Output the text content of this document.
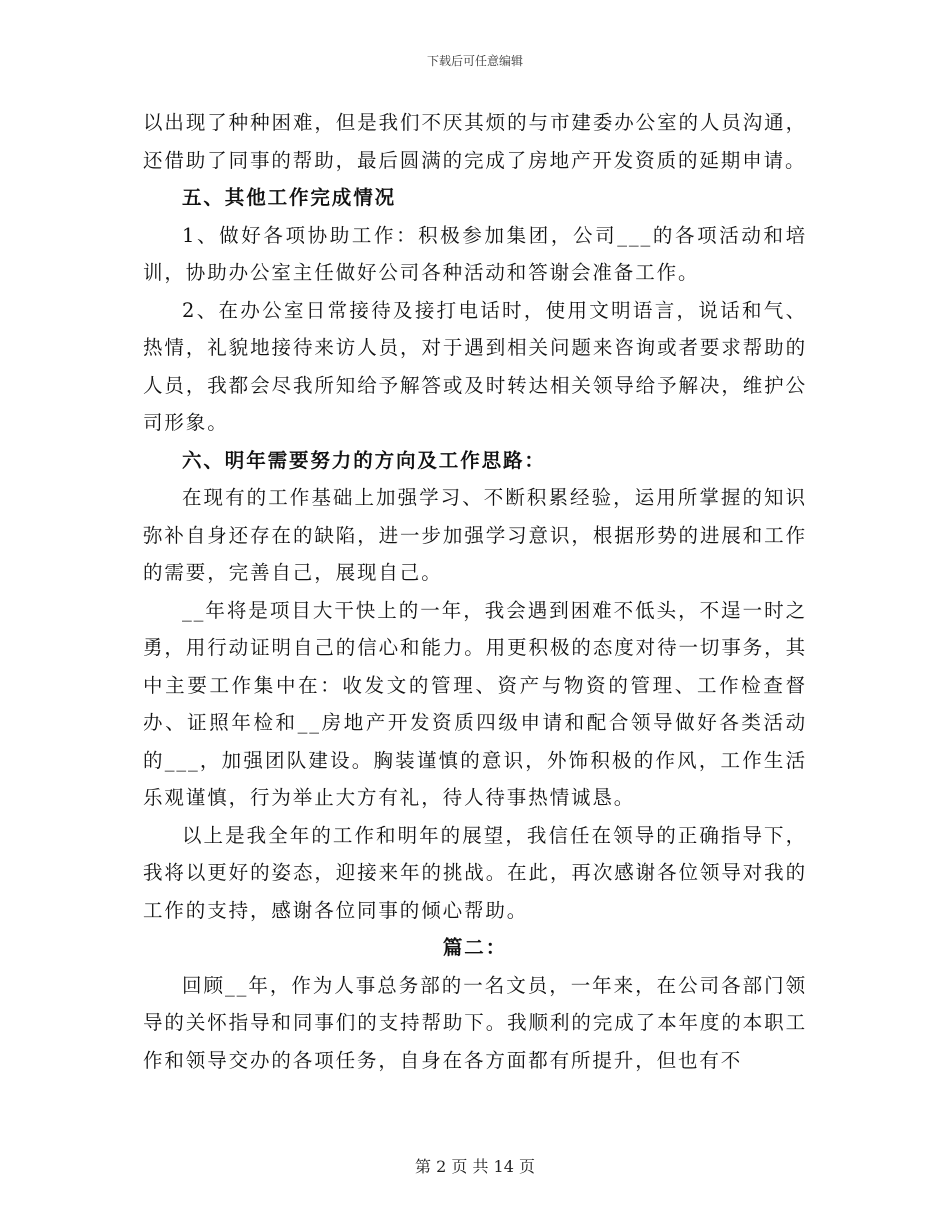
下载后可任意编辑

以出现了种种困难，但是我们不厌其烦的与市建委办公室的人员沟通，还借助了同事的帮助，最后圆满的完成了房地产开发资质的延期申请。

五、其他工作完成情况

1、做好各项协助工作：积极参加集团，公司___的各项活动和培训，协助办公室主任做好公司各种活动和答谢会准备工作。

2、在办公室日常接待及接打电话时，使用文明语言，说话和气、热情，礼貌地接待来访人员，对于遇到相关问题来咨询或者要求帮助的人员，我都会尽我所知给予解答或及时转达相关领导给予解决，维护公司形象。

六、明年需要努力的方向及工作思路：

在现有的工作基础上加强学习、不断积累经验，运用所掌握的知识弥补自身还存在的缺陷，进一步加强学习意识，根据形势的进展和工作的需要，完善自己，展现自己。

__年将是项目大干快上的一年，我会遇到困难不低头，不逞一时之勇，用行动证明自己的信心和能力。用更积极的态度对待一切事务，其中主要工作集中在：收发文的管理、资产与物资的管理、工作检查督办、证照年检和__房地产开发资质四级申请和配合领导做好各类活动的___，加强团队建设。胸装谨慎的意识，外饰积极的作风，工作生活乐观谨慎，行为举止大方有礼，待人待事热情诚恳。

以上是我全年的工作和明年的展望，我信任在领导的正确指导下，我将以更好的姿态，迎接来年的挑战。在此，再次感谢各位领导对我的工作的支持，感谢各位同事的倾心帮助。

篇二：

回顾__年，作为人事总务部的一名文员，一年来，在公司各部门领导的关怀指导和同事们的支持帮助下。我顺利的完成了本年度的本职工作和领导交办的各项任务，自身在各方面都有所提升，但也有不

第 2 页 共 14 页
